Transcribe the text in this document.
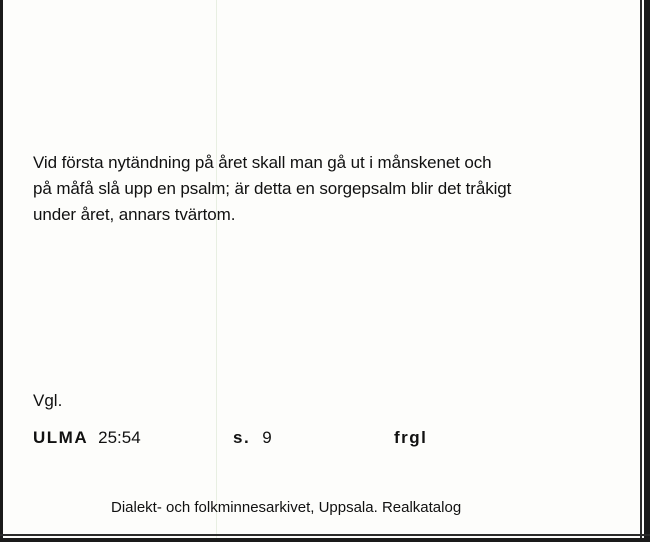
Vid första nytändning på året skall man gå ut i månskenet och
på måfå slå upp en psalm; är detta en sorgepsalm blir det tråkigt
under året, annars tvärtom.

Vgl.

ULMA 25:54	s. 9	frgl
Dialekt- och folkminnesarkivet, Uppsala. Realkatalog
